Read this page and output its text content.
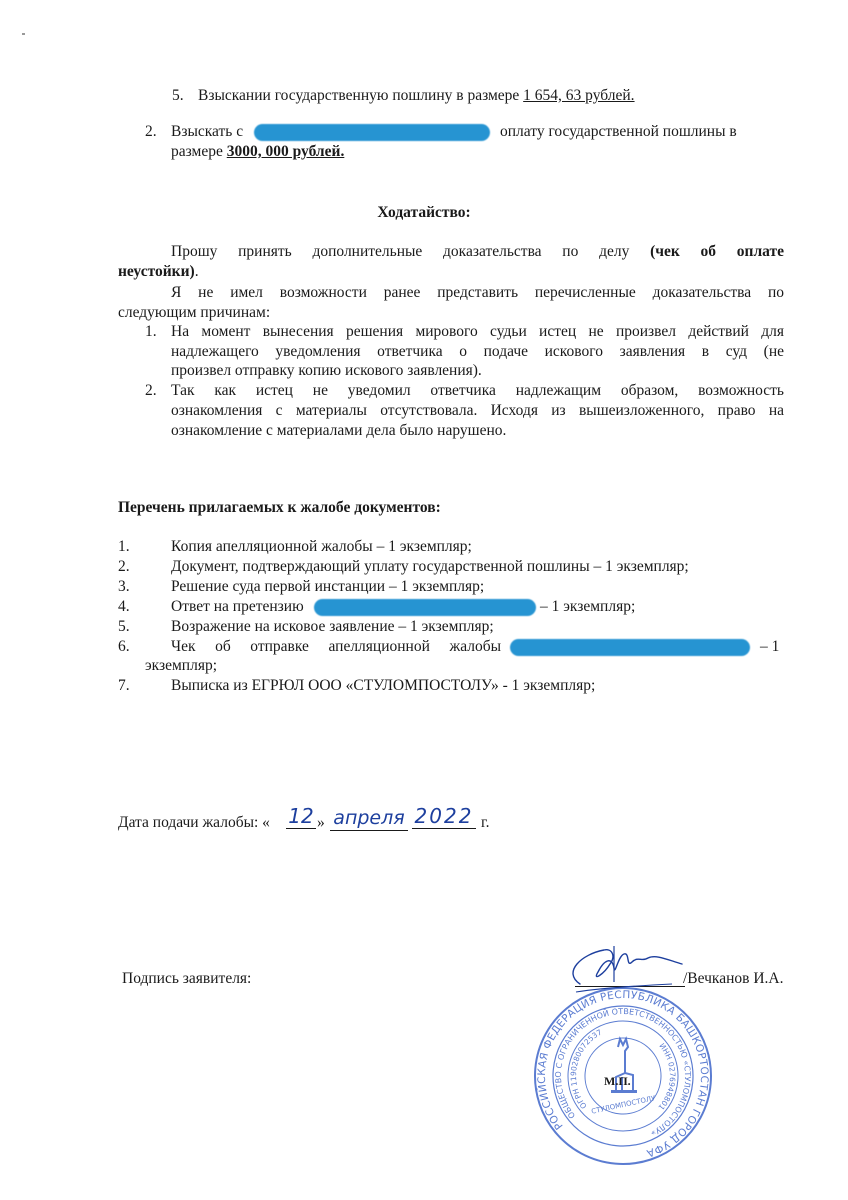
5. Взыскании государственную пошлину в размере 1 654, 63 рублей.
2. Взыскать с	оплату государственной пошлины в
размере 3000, 000 рублей.
Ходатайство:
Прошу принять дополнительные доказательства по делу (чек об оплате
неустойки).
Я не имел возможности ранее представить перечисленные доказательства по
следующим причинам:
1. На момент вынесения решения мирового судьи истец не произвел действий для
надлежащего уведомления ответчика о подаче искового заявления в суд (не
произвел отправку копию искового заявления).
2. Так как истец не уведомил ответчика надлежащим образом, возможность
ознакомления с материалы отсутствовала. Исходя из вышеизложенного, право на
ознакомление с материалами дела было нарушено.
Перечень прилагаемых к жалобе документов:
1.	Копия апелляционной жалобы – 1 экземпляр;
2.	Документ, подтверждающий уплату государственной пошлины – 1 экземпляр;
3.	Решение суда первой инстанции – 1 экземпляр;
4.	Ответ на претензию	– 1 экземпляр;
5.	Возражение на исковое заявление – 1 экземпляр;
6.	Чек об отправке апелляционной жалобы	– 1
экземпляр;
7.	Выписка из ЕГРЮЛ ООО «СТУЛОМПОСТОЛУ» - 1 экземпляр;
Дата подачи жалобы: « 12 » апреля 2022 г.
Подпись заявителя:	/Вечканов И.А.
РОССИЙСКАЯ ФЕДЕРАЦИЯ РЕСПУБЛИКА БАШКОРТОСТАН ГОРОД УФА
ОБЩЕСТВО С ОГРАНИЧЕННОЙ ОТВЕТСТВЕННОСТЬЮ «СТУЛОМПОСТОЛУ»
ОГРН 1190280072537
ИНН 0276948801
СТУЛОМПОСТОЛУ
М.П.
